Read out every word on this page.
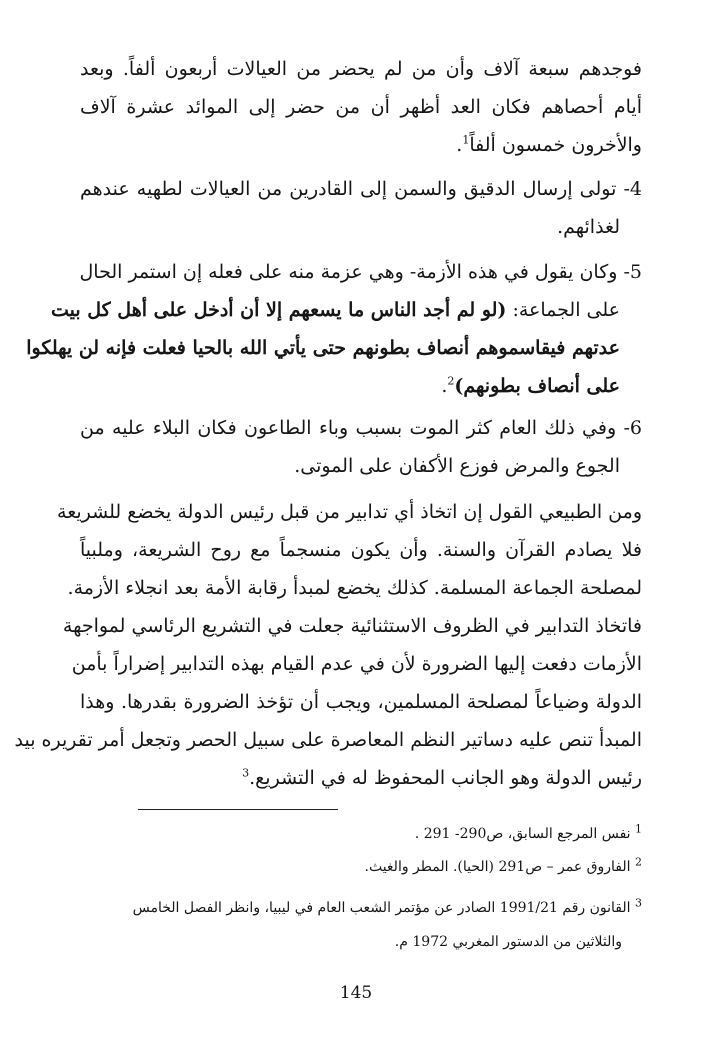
فوجدهم سبعة آلاف وأن من لم يحضر من العيالات أربعون ألفاً. وبعد
أيام أحصاهم فكان العد أظهر أن من حضر إلى الموائد عشرة آلاف
والأخرون خمسون ألفاً$^1$.
4- تولى إرسال الدقيق والسمن إلى القادرين من العيالات لطهيه عندهم
لغذائهم.
5- وكان يقول في هذه الأزمة- وهي عزمة منه على فعله إن استمر الحال
على الجماعة: (لو لم أجد الناس ما يسعهم إلا أن أدخل على أهل كل بيت
عدتهم فيقاسموهم أنصاف بطونهم حتى يأتي الله بالحيا فعلت فإنه لن يهلكوا
على أنصاف بطونهم)$^2$.
6- وفي ذلك العام كثر الموت بسبب وباء الطاعون فكان البلاء عليه من
الجوع والمرض فوزع الأكفان على الموتى.
ومن الطبيعي القول إن اتخاذ أي تدابير من قبل رئيس الدولة يخضع للشريعة
فلا يصادم القرآن والسنة. وأن يكون منسجماً مع روح الشريعة، وملبياً
لمصلحة الجماعة المسلمة. كذلك يخضع لمبدأ رقابة الأمة بعد انجلاء الأزمة.
فاتخاذ التدابير في الظروف الاستثنائية جعلت في التشريع الرئاسي لمواجهة
الأزمات دفعت إليها الضرورة لأن في عدم القيام بهذه التدابير إضراراً بأمن
الدولة وضياعاً لمصلحة المسلمين، ويجب أن تؤخذ الضرورة بقدرها. وهذا
المبدأ تنص عليه دساتير النظم المعاصرة على سبيل الحصر وتجعل أمر تقريره بيد
رئيس الدولة وهو الجانب المحفوظ له في التشريع.$^3$
$^1$ نفس المرجع السابق، ص290- 291 .
$^2$ الفاروق عمر – ص291 (الحيا). المطر والغيث.
$^3$ القانون رقم 1991/21 الصادر عن مؤتمر الشعب العام في ليبيا، وانظر الفصل الخامس
والثلاثين من الدستور المغربي 1972 م.
145
